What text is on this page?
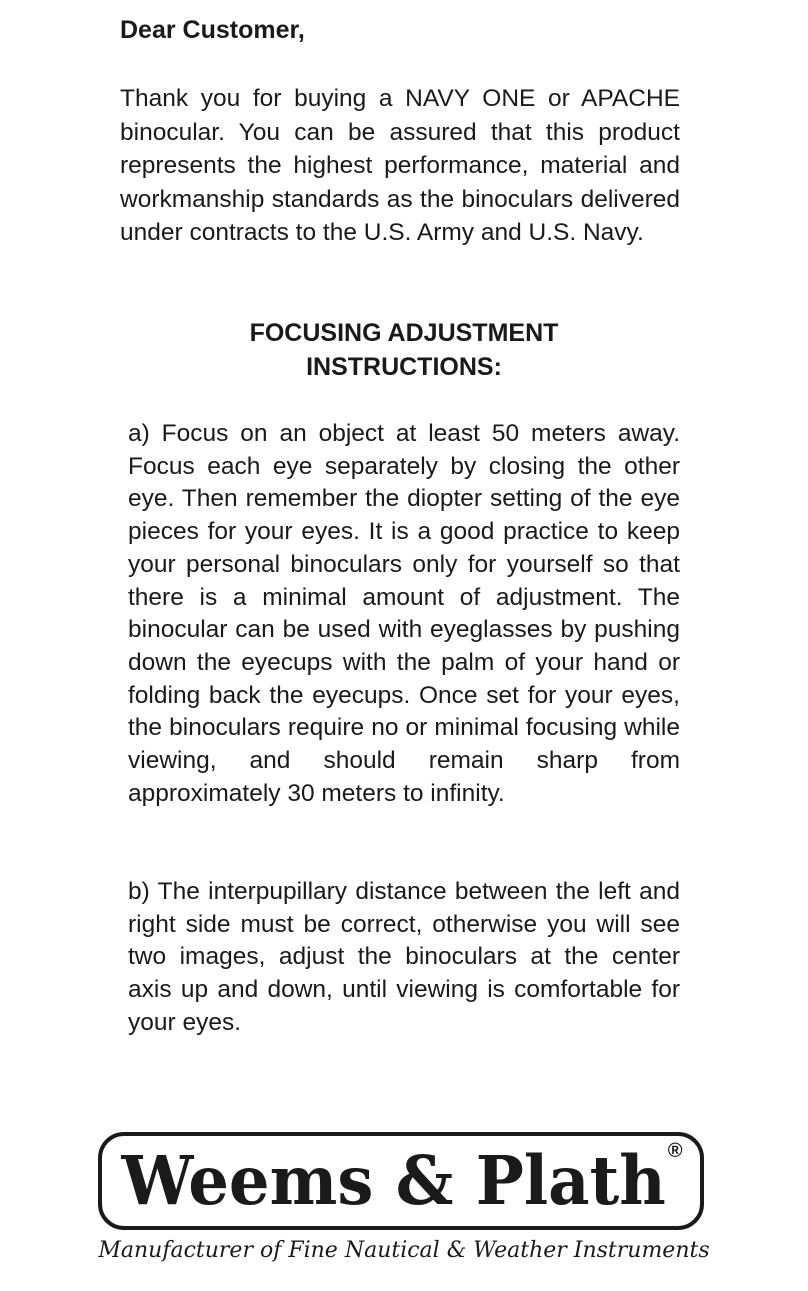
Dear Customer,

Thank you for buying a NAVY ONE or APACHE binocular. You can be assured that this product represents the highest performance, material and workmanship standards as the binoculars delivered under contracts to the U.S. Army and U.S. Navy.

FOCUSING ADJUSTMENT
INSTRUCTIONS:

a) Focus on an object at least 50 meters away. Focus each eye separately by closing the other eye. Then remember the diopter setting of the eye pieces for your eyes. It is a good practice to keep your personal binoculars only for yourself so that there is a minimal amount of adjustment. The binocular can be used with eyeglasses by pushing down the eyecups with the palm of your hand or folding back the eyecups. Once set for your eyes, the binoculars require no or minimal focusing while viewing, and should remain sharp from approximately 30 meters to infinity.

b) The interpupillary distance between the left and right side must be correct, otherwise you will see two images, adjust the binoculars at the center axis up and down, until viewing is comfortable for your eyes.

Weems & Plath ®
Manufacturer of Fine Nautical & Weather Instruments
